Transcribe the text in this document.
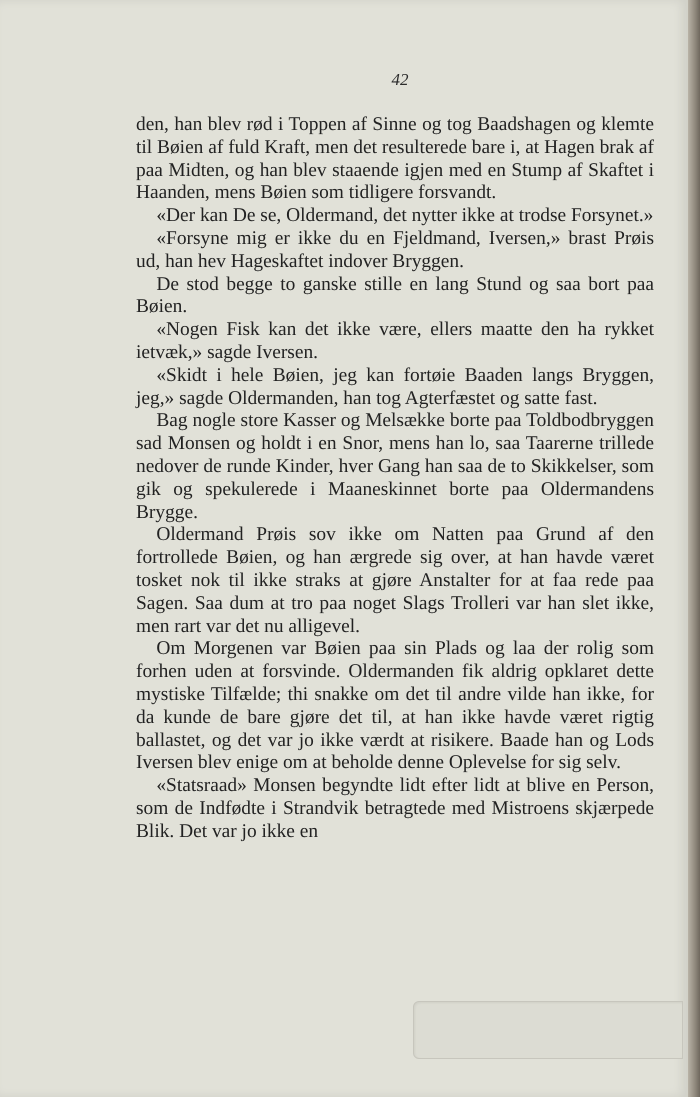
42

den, han blev rød i Toppen af Sinne og tog Baadshagen og klemte til Bøien af fuld Kraft, men det resulterede bare i, at Hagen brak af paa Midten, og han blev staaende igjen med en Stump af Skaftet i Haanden, mens Bøien som tidligere forsvandt.

«Der kan De se, Oldermand, det nytter ikke at trodse Forsynet.»

«Forsyne mig er ikke du en Fjeldmand, Iversen,» brast Prøis ud, han hev Hageskaftet indover Bryggen.

De stod begge to ganske stille en lang Stund og saa bort paa Bøien.

«Nogen Fisk kan det ikke være, ellers maatte den ha rykket ietvæk,» sagde Iversen.

«Skidt i hele Bøien, jeg kan fortøie Baaden langs Bryggen, jeg,» sagde Oldermanden, han tog Agterfæstet og satte fast.

Bag nogle store Kasser og Melsække borte paa Toldbodbryggen sad Monsen og holdt i en Snor, mens han lo, saa Taarerne trillede nedover de runde Kinder, hver Gang han saa de to Skikkelser, som gik og spekulerede i Maaneskinnet borte paa Oldermandens Brygge.

Oldermand Prøis sov ikke om Natten paa Grund af den fortrollede Bøien, og han ærgrede sig over, at han havde været tosket nok til ikke straks at gjøre Anstalter for at faa rede paa Sagen. Saa dum at tro paa noget Slags Trolleri var han slet ikke, men rart var det nu alligevel.

Om Morgenen var Bøien paa sin Plads og laa der rolig som forhen uden at forsvinde. Oldermanden fik aldrig opklaret dette mystiske Tilfælde; thi snakke om det til andre vilde han ikke, for da kunde de bare gjøre det til, at han ikke havde været rigtig ballastet, og det var jo ikke værdt at risikere. Baade han og Lods Iversen blev enige om at beholde denne Oplevelse for sig selv.

«Statsraad» Monsen begyndte lidt efter lidt at blive en Person, som de Indfødte i Strandvik betragtede med Mistroens skjærpede Blik. Det var jo ikke en
